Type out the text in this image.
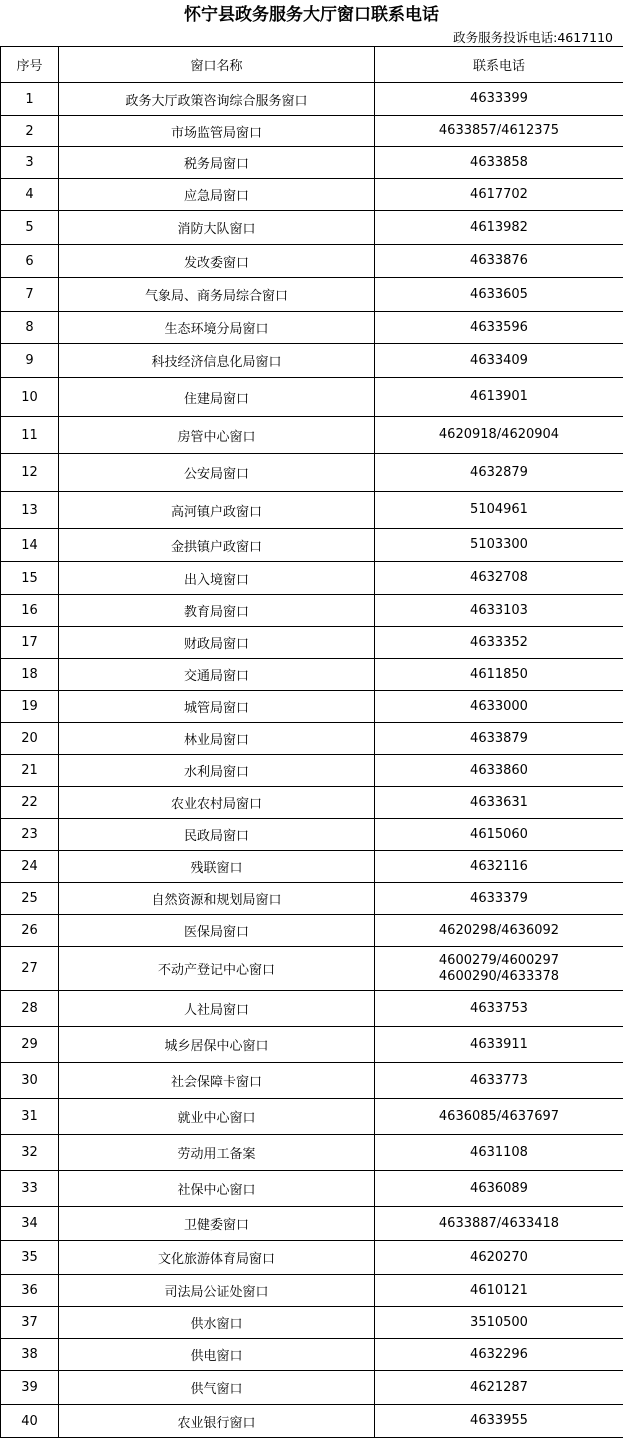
怀宁县政务服务大厅窗口联系电话
政务服务投诉电话:4617110
序号	窗口名称	联系电话
1	政务大厅政策咨询综合服务窗口	4633399

2	市场监管局窗口	4633857/4612375

3	税务局窗口	4633858

4	应急局窗口	4617702

5	消防大队窗口	4613982

6	发改委窗口	4633876

7	气象局、商务局综合窗口	4633605

8	生态环境分局窗口	4633596

9	科技经济信息化局窗口	4633409

10	住建局窗口	4613901

11	房管中心窗口	4620918/4620904

12	公安局窗口	4632879

13	高河镇户政窗口	5104961

14	金拱镇户政窗口	5103300

15	出入境窗口	4632708

16	教育局窗口	4633103

17	财政局窗口	4633352

18	交通局窗口	4611850

19	城管局窗口	4633000

20	林业局窗口	4633879

21	水利局窗口	4633860

22	农业农村局窗口	4633631

23	民政局窗口	4615060

24	残联窗口	4632116

25	自然资源和规划局窗口	4633379

26	医保局窗口	4620298/4636092

27	不动产登记中心窗口	4600279/4600297
4600290/4633378

28	人社局窗口	4633753

29	城乡居保中心窗口	4633911

30	社会保障卡窗口	4633773

31	就业中心窗口	4636085/4637697

32	劳动用工备案	4631108

33	社保中心窗口	4636089

34	卫健委窗口	4633887/4633418

35	文化旅游体育局窗口	4620270

36	司法局公证处窗口	4610121

37	供水窗口	3510500

38	供电窗口	4632296

39	供气窗口	4621287

40	农业银行窗口	4633955
